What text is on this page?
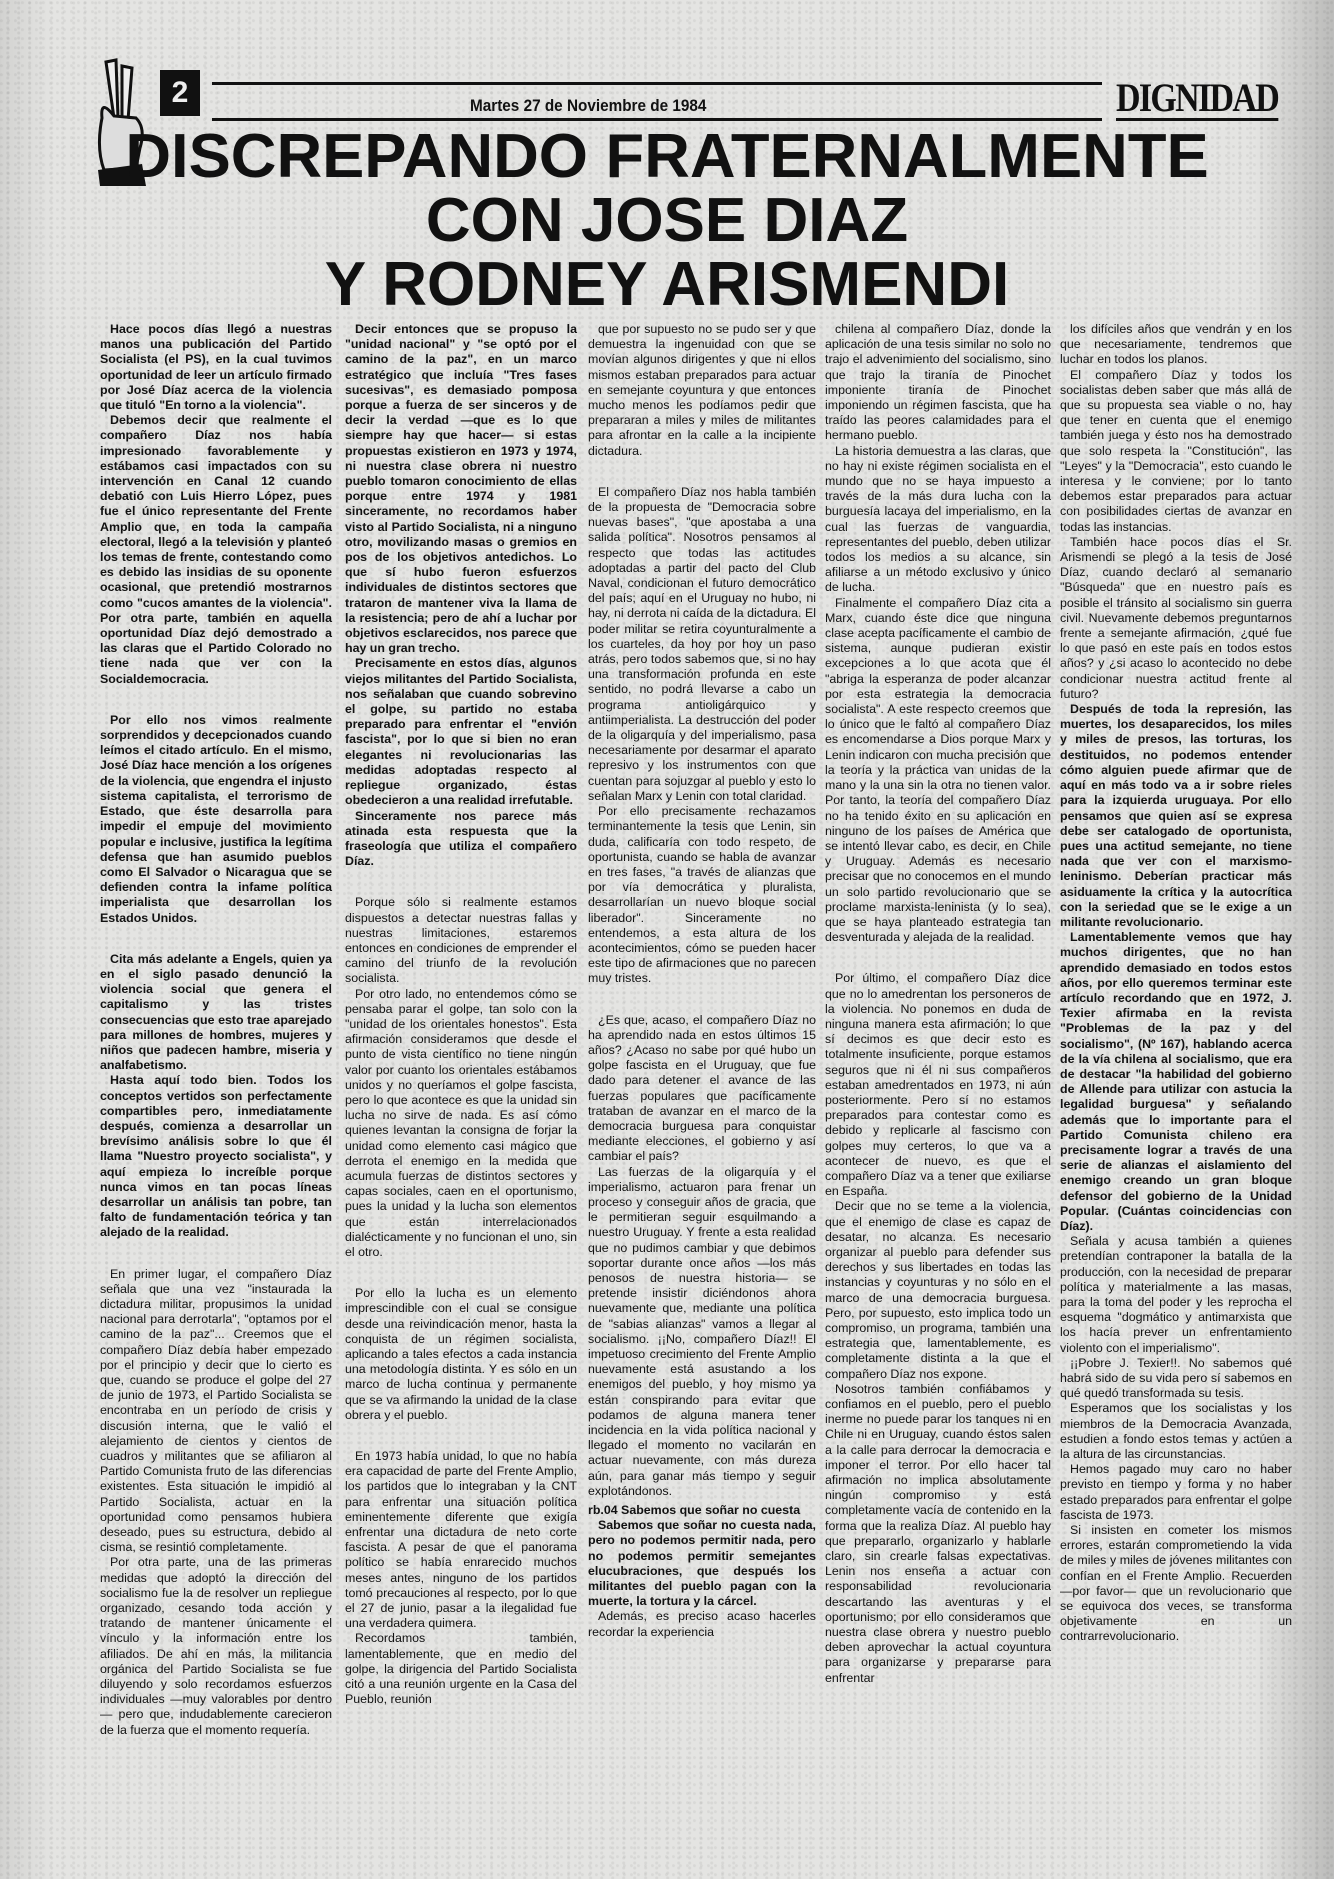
2	Martes 27 de Noviembre de 1984	DIGNIDAD
DISCREPANDO FRATERNALMENTE
CON JOSE DIAZ
Y RODNEY ARISMENDI

Hace pocos días llegó a nuestras manos una publicación del Partido Socialista (el PS), en la cual tuvimos oportunidad de leer un artículo firmado por José Díaz acerca de la violencia que tituló "En torno a la violencia".

Debemos decir que realmente el compañero Díaz nos había impresionado favorablemente y estábamos casi impactados con su intervención en Canal 12 cuando debatió con Luis Hierro López, pues fue el único representante del Frente Amplio que, en toda la campaña electoral, llegó a la televisión y planteó los temas de frente, contestando como es debido las insidias de su oponente ocasional, que pretendió mostrarnos como "cucos amantes de la violencia". Por otra parte, también en aquella oportunidad Díaz dejó demostrado a las claras que el Partido Colorado no tiene nada que ver con la Socialdemocracia.

Por ello nos vimos realmente sorprendidos y decepcionados cuando leímos el citado artículo. En el mismo, José Díaz hace mención a los orígenes de la violencia, que engendra el injusto sistema capitalista, el terrorismo de Estado, que éste desarrolla para impedir el empuje del movimiento popular e inclusive, justifica la legítima defensa que han asumido pueblos como El Salvador o Nicaragua que se defienden contra la infame política imperialista que desarrollan los Estados Unidos.

Cita más adelante a Engels, quien ya en el siglo pasado denunció la violencia social que genera el capitalismo y las tristes consecuencias que esto trae aparejado para millones de hombres, mujeres y niños que padecen hambre, miseria y analfabetismo.

Hasta aquí todo bien. Todos los conceptos vertidos son perfectamente compartibles pero, inmediatamente después, comienza a desarrollar un brevísimo análisis sobre lo que él llama "Nuestro proyecto socialista", y aquí empieza lo increíble porque nunca vimos en tan pocas líneas desarrollar un análisis tan pobre, tan falto de fundamentación teórica y tan alejado de la realidad.

En primer lugar, el compañero Díaz señala que una vez "instaurada la dictadura militar, propusimos la unidad nacional para derrotarla", "optamos por el camino de la paz"... Creemos que el compañero Díaz debía haber empezado por el principio y decir que lo cierto es que, cuando se produce el golpe del 27 de junio de 1973, el Partido Socialista se encontraba en un período de crisis y discusión interna, que le valió el alejamiento de cientos y cientos de cuadros y militantes que se afiliaron al Partido Comunista fruto de las diferencias existentes. Esta situación le impidió al Partido Socialista, actuar en la oportunidad como pensamos hubiera deseado, pues su estructura, debido al cisma, se resintió completamente.

Por otra parte, una de las primeras medidas que adoptó la dirección del socialismo fue la de resolver un repliegue organizado, cesando toda acción y tratando de mantener únicamente el vínculo y la información entre los afiliados. De ahí en más, la militancia orgánica del Partido Socialista se fue diluyendo y solo recordamos esfuerzos individuales —muy valorables por dentro— pero que, indudablemente carecieron de la fuerza que el momento requería.

Decir entonces que se propuso la "unidad nacional" y "se optó por el camino de la paz", en un marco estratégico que incluía "Tres fases sucesivas", es demasiado pomposa porque a fuerza de ser sinceros y de decir la verdad —que es lo que siempre hay que hacer— si estas propuestas existieron en 1973 y 1974, ni nuestra clase obrera ni nuestro pueblo tomaron conocimiento de ellas porque entre 1974 y 1981 sinceramente, no recordamos haber visto al Partido Socialista, ni a ninguno otro, movilizando masas o gremios en pos de los objetivos antedichos. Lo que sí hubo fueron esfuerzos individuales de distintos sectores que trataron de mantener viva la llama de la resistencia; pero de ahí a luchar por objetivos esclarecidos, nos parece que hay un gran trecho.

Precisamente en estos días, algunos viejos militantes del Partido Socialista, nos señalaban que cuando sobrevino el golpe, su partido no estaba preparado para enfrentar el "envión fascista", por lo que si bien no eran elegantes ni revolucionarias las medidas adoptadas respecto al repliegue organizado, éstas obedecieron a una realidad irrefutable.

Sinceramente nos parece más atinada esta respuesta que la fraseología que utiliza el compañero Díaz.

Porque sólo si realmente estamos dispuestos a detectar nuestras fallas y nuestras limitaciones, estaremos entonces en condiciones de emprender el camino del triunfo de la revolución socialista.

Por otro lado, no entendemos cómo se pensaba parar el golpe, tan solo con la "unidad de los orientales honestos". Esta afirmación consideramos que desde el punto de vista científico no tiene ningún valor por cuanto los orientales estábamos unidos y no queríamos el golpe fascista, pero lo que acontece es que la unidad sin lucha no sirve de nada. Es así cómo quienes levantan la consigna de forjar la unidad como elemento casi mágico que derrota el enemigo en la medida que acumula fuerzas de distintos sectores y capas sociales, caen en el oportunismo, pues la unidad y la lucha son elementos que están interrelacionados dialécticamente y no funcionan el uno, sin el otro.

Por ello la lucha es un elemento imprescindible con el cual se consigue desde una reivindicación menor, hasta la conquista de un régimen socialista, aplicando a tales efectos a cada instancia una metodología distinta. Y es sólo en un marco de lucha continua y permanente que se va afirmando la unidad de la clase obrera y el pueblo.

En 1973 había unidad, lo que no había era capacidad de parte del Frente Amplio, los partidos que lo integraban y la CNT para enfrentar una situación política eminentemente diferente que exigía enfrentar una dictadura de neto corte fascista. A pesar de que el panorama político se había enrarecido muchos meses antes, ninguno de los partidos tomó precauciones al respecto, por lo que el 27 de junio, pasar a la ilegalidad fue una verdadera quimera.

Recordamos también, lamentablemente, que en medio del golpe, la dirigencia del Partido Socialista citó a una reunión urgente en la Casa del Pueblo, reunión

que por supuesto no se pudo ser y que demuestra la ingenuidad con que se movían algunos dirigentes y que ni ellos mismos estaban preparados para actuar en semejante coyuntura y que entonces mucho menos les podíamos pedir que prepararan a miles y miles de militantes para afrontar en la calle a la incipiente dictadura.

El compañero Díaz nos habla también de la propuesta de "Democracia sobre nuevas bases", "que apostaba a una salida política". Nosotros pensamos al respecto que todas las actitudes adoptadas a partir del pacto del Club Naval, condicionan el futuro democrático del país; aquí en el Uruguay no hubo, ni hay, ni derrota ni caída de la dictadura. El poder militar se retira coyunturalmente a los cuarteles, da hoy por hoy un paso atrás, pero todos sabemos que, si no hay una transformación profunda en este sentido, no podrá llevarse a cabo un programa antioligárquico y antiimperialista. La destrucción del poder de la oligarquía y del imperialismo, pasa necesariamente por desarmar el aparato represivo y los instrumentos con que cuentan para sojuzgar al pueblo y esto lo señalan Marx y Lenin con total claridad.

Por ello precisamente rechazamos terminantemente la tesis que Lenin, sin duda, calificaría con todo respeto, de oportunista, cuando se habla de avanzar en tres fases, "a través de alianzas que por vía democrática y pluralista, desarrollarían un nuevo bloque social liberador". Sinceramente no entendemos, a esta altura de los acontecimientos, cómo se pueden hacer este tipo de afirmaciones que no parecen muy tristes.

¿Es que, acaso, el compañero Díaz no ha aprendido nada en estos últimos 15 años? ¿Acaso no sabe por qué hubo un golpe fascista en el Uruguay, que fue dado para detener el avance de las fuerzas populares que pacíficamente trataban de avanzar en el marco de la democracia burguesa para conquistar mediante elecciones, el gobierno y así cambiar el país?

Las fuerzas de la oligarquía y el imperialismo, actuaron para frenar un proceso y conseguir años de gracia, que le permitieran seguir esquilmando a nuestro Uruguay. Y frente a esta realidad que no pudimos cambiar y que debimos soportar durante once años —los más penosos de nuestra historia— se pretende insistir diciéndonos ahora nuevamente que, mediante una política de "sabias alianzas" vamos a llegar al socialismo. ¡¡No, compañero Díaz!! El impetuoso crecimiento del Frente Amplio nuevamente está asustando a los enemigos del pueblo, y hoy mismo ya están conspirando para evitar que podamos de alguna manera tener incidencia en la vida política nacional y llegado el momento no vacilarán en actuar nuevamente, con más dureza aún, para ganar más tiempo y seguir explotándonos.

rb.04 Sabemos que soñar no cuesta

Sabemos que soñar no cuesta nada, pero no podemos permitir nada, pero no podemos permitir semejantes elucubraciones, que después los militantes del pueblo pagan con la muerte, la tortura y la cárcel.

Además, es preciso acaso hacerles recordar la experiencia

chilena al compañero Díaz, donde la aplicación de una tesis similar no solo no trajo el advenimiento del socialismo, sino que trajo la tiranía de Pinochet imponiente tiranía de Pinochet imponiendo un régimen fascista, que ha traído las peores calamidades para el hermano pueblo.

La historia demuestra a las claras, que no hay ni existe régimen socialista en el mundo que no se haya impuesto a través de la más dura lucha con la burguesía lacaya del imperialismo, en la cual las fuerzas de vanguardia, representantes del pueblo, deben utilizar todos los medios a su alcance, sin afiliarse a un método exclusivo y único de lucha.

Finalmente el compañero Díaz cita a Marx, cuando éste dice que ninguna clase acepta pacíficamente el cambio de sistema, aunque pudieran existir excepciones a lo que acota que él "abriga la esperanza de poder alcanzar por esta estrategia la democracia socialista". A este respecto creemos que lo único que le faltó al compañero Díaz es encomendarse a Dios porque Marx y Lenin indicaron con mucha precisión que la teoría y la práctica van unidas de la mano y la una sin la otra no tienen valor. Por tanto, la teoría del compañero Díaz no ha tenido éxito en su aplicación en ninguno de los países de América que se intentó llevar cabo, es decir, en Chile y Uruguay. Además es necesario precisar que no conocemos en el mundo un solo partido revolucionario que se proclame marxista-leninista (y lo sea), que se haya planteado estrategia tan desventurada y alejada de la realidad.

Por último, el compañero Díaz dice que no lo amedrentan los personeros de la violencia. No ponemos en duda de ninguna manera esta afirmación; lo que sí decimos es que decir esto es totalmente insuficiente, porque estamos seguros que ni él ni sus compañeros estaban amedrentados en 1973, ni aún posteriormente. Pero sí no estamos preparados para contestar como es debido y replicarle al fascismo con golpes muy certeros, lo que va a acontecer de nuevo, es que el compañero Díaz va a tener que exiliarse en España.

Decir que no se teme a la violencia, que el enemigo de clase es capaz de desatar, no alcanza. Es necesario organizar al pueblo para defender sus derechos y sus libertades en todas las instancias y coyunturas y no sólo en el marco de una democracia burguesa. Pero, por supuesto, esto implica todo un compromiso, un programa, también una estrategia que, lamentablemente, es completamente distinta a la que el compañero Díaz nos expone.

Nosotros también confiábamos y confiamos en el pueblo, pero el pueblo inerme no puede parar los tanques ni en Chile ni en Uruguay, cuando éstos salen a la calle para derrocar la democracia e imponer el terror. Por ello hacer tal afirmación no implica absolutamente ningún compromiso y está completamente vacía de contenido en la forma que la realiza Díaz. Al pueblo hay que prepararlo, organizarlo y hablarle claro, sin crearle falsas expectativas. Lenin nos enseña a actuar con responsabilidad revolucionaria descartando las aventuras y el oportunismo; por ello consideramos que nuestra clase obrera y nuestro pueblo deben aprovechar la actual coyuntura para organizarse y prepararse para enfrentar

los difíciles años que vendrán y en los que necesariamente, tendremos que luchar en todos los planos.

El compañero Díaz y todos los socialistas deben saber que más allá de que su propuesta sea viable o no, hay que tener en cuenta que el enemigo también juega y ésto nos ha demostrado que solo respeta la "Constitución", las "Leyes" y la "Democracia", esto cuando le interesa y le conviene; por lo tanto debemos estar preparados para actuar con posibilidades ciertas de avanzar en todas las instancias.

También hace pocos días el Sr. Arismendi se plegó a la tesis de José Díaz, cuando declaró al semanario "Búsqueda" que en nuestro país es posible el tránsito al socialismo sin guerra civil. Nuevamente debemos preguntarnos frente a semejante afirmación, ¿qué fue lo que pasó en este país en todos estos años? y ¿si acaso lo acontecido no debe condicionar nuestra actitud frente al futuro?

Después de toda la represión, las muertes, los desaparecidos, los miles y miles de presos, las torturas, los destituidos, no podemos entender cómo alguien puede afirmar que de aquí en más todo va a ir sobre rieles para la izquierda uruguaya. Por ello pensamos que quien así se expresa debe ser catalogado de oportunista, pues una actitud semejante, no tiene nada que ver con el marxismo-leninismo. Deberían practicar más asiduamente la crítica y la autocrítica con la seriedad que se le exige a un militante revolucionario.

Lamentablemente vemos que hay muchos dirigentes, que no han aprendido demasiado en todos estos años, por ello queremos terminar este artículo recordando que en 1972, J. Texier afirmaba en la revista "Problemas de la paz y del socialismo", (Nº 167), hablando acerca de la vía chilena al socialismo, que era de destacar "la habilidad del gobierno de Allende para utilizar con astucia la legalidad burguesa" y señalando además que lo importante para el Partido Comunista chileno era precisamente lograr a través de una serie de alianzas el aislamiento del enemigo creando un gran bloque defensor del gobierno de la Unidad Popular. (Cuántas coincidencias con Díaz).

Señala y acusa también a quienes pretendían contraponer la batalla de la producción, con la necesidad de preparar política y materialmente a las masas, para la toma del poder y les reprocha el esquema "dogmático y antimarxista que los hacía prever un enfrentamiento violento con el imperialismo".

¡¡Pobre J. Texier!!. No sabemos qué habrá sido de su vida pero sí sabemos en qué quedó transformada su tesis.

Esperamos que los socialistas y los miembros de la Democracia Avanzada, estudien a fondo estos temas y actúen a la altura de las circunstancias.

Hemos pagado muy caro no haber previsto en tiempo y forma y no haber estado preparados para enfrentar el golpe fascista de 1973.

Si insisten en cometer los mismos errores, estarán comprometiendo la vida de miles y miles de jóvenes militantes con confían en el Frente Amplio. Recuerden —por favor— que un revolucionario que se equivoca dos veces, se transforma objetivamente en un contrarrevolucionario.
